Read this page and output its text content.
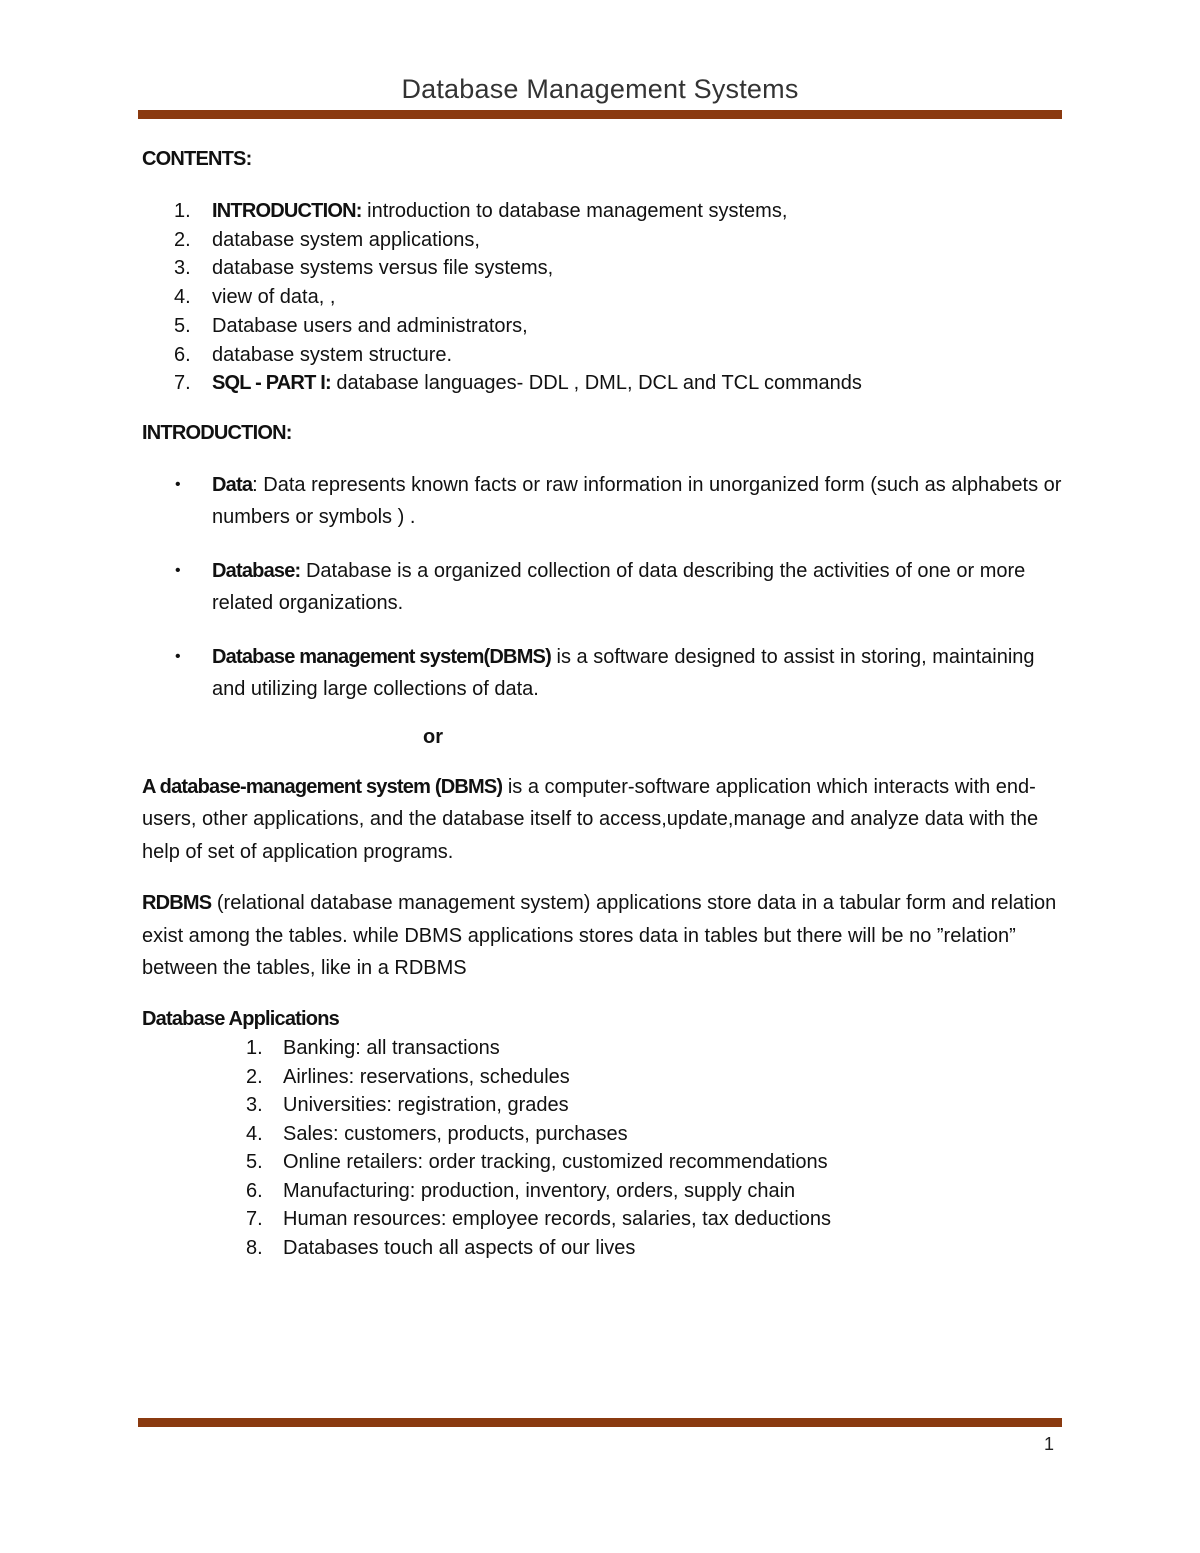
Database Management Systems
CONTENTS:
1.	INTRODUCTION: introduction to database management systems,
2.	database system applications,
3.	database systems versus file systems,
4.	view of data, ,
5.	Database users and administrators,
6.	database system structure.
7.	SQL - PART I: database languages- DDL , DML, DCL and TCL commands
INTRODUCTION:
• Data: Data represents known facts or raw information in unorganized form (such as alphabets or numbers or symbols ) .
• Database: Database is a organized collection of data describing the activities of one or more related organizations.
• Database management system(DBMS) is a software designed to assist in storing, maintaining and utilizing large collections of data.
or

A database-management system (DBMS) is a computer-software application which interacts with end-users, other applications, and the database itself to access,update,manage and analyze data with the help of set of application programs.

RDBMS (relational database management system) applications store data in a tabular form and relation exist among the tables. while DBMS applications stores data in tables but there will be no ”relation” between the tables, like in a RDBMS

Database Applications
1. Banking: all transactions
2. Airlines: reservations, schedules
3. Universities: registration, grades
4. Sales: customers, products, purchases
5. Online retailers: order tracking, customized recommendations
6. Manufacturing: production, inventory, orders, supply chain
7. Human resources: employee records, salaries, tax deductions
8. Databases touch all aspects of our lives
1
